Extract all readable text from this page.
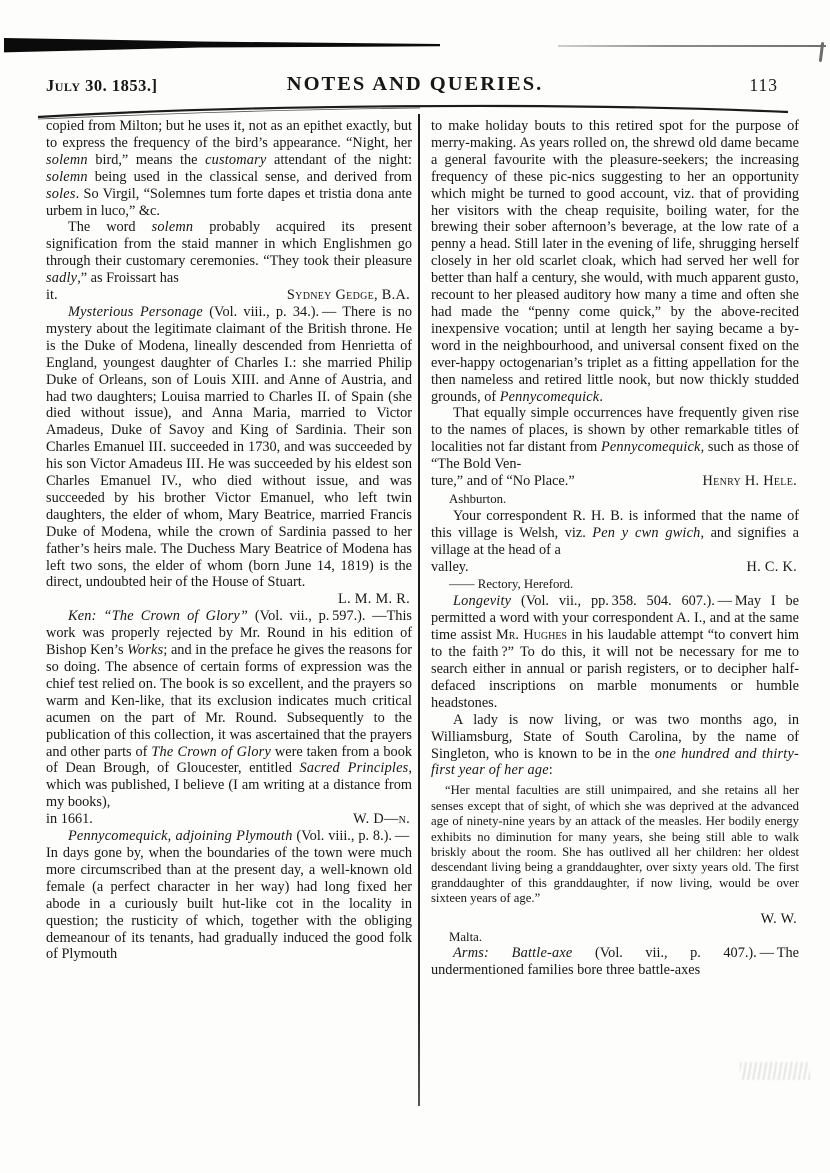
July 30. 1853.]	NOTES AND QUERIES.	113

copied from Milton; but he uses it, not as an epithet exactly, but to express the frequency of the bird’s appearance. “Night, her solemn bird,” means the customary attendant of the night: solemn being used in the classical sense, and derived from soles. So Virgil, “Solemnes tum forte dapes et tristia dona ante urbem in luco,” &c.

The word solemn probably acquired its present signification from the staid manner in which Englishmen go through their customary ceremonies. “They took their pleasure sadly,” as Froissart has

it.	Sydney Gedge, B.A.

Mysterious Personage (Vol. viii., p. 34.). — There is no mystery about the legitimate claimant of the British throne. He is the Duke of Modena, lineally descended from Henrietta of England, youngest daughter of Charles I.: she married Philip Duke of Orleans, son of Louis XIII. and Anne of Austria, and had two daughters; Louisa married to Charles II. of Spain (she died without issue), and Anna Maria, married to Victor Amadeus, Duke of Savoy and King of Sardinia. Their son Charles Emanuel III. succeeded in 1730, and was succeeded by his son Victor Amadeus III. He was succeeded by his eldest son Charles Emanuel IV., who died without issue, and was succeeded by his brother Victor Emanuel, who left twin daughters, the elder of whom, Mary Beatrice, married Francis Duke of Modena, while the crown of Sardinia passed to her father’s heirs male. The Duchess Mary Beatrice of Modena has left two sons, the elder of whom (born June 14, 1819) is the direct, undoubted heir of the House of Stuart.

L. M. M. R.

Ken: “The Crown of Glory” (Vol. vii., p. 597.). —This work was properly rejected by Mr. Round in his edition of Bishop Ken’s Works; and in the preface he gives the reasons for so doing. The absence of certain forms of expression was the chief test relied on. The book is so excellent, and the prayers so warm and Ken-like, that its exclusion indicates much critical acumen on the part of Mr. Round. Subsequently to the publication of this collection, it was ascertained that the prayers and other parts of The Crown of Glory were taken from a book of Dean Brough, of Gloucester, entitled Sacred Principles, which was published, I believe (I am writing at a distance from my books),

in 1661.	W. D—n.

Pennycomequick, adjoining Plymouth (Vol. viii., p. 8.). — In days gone by, when the boundaries of the town were much more circumscribed than at the present day, a well-known old female (a perfect character in her way) had long fixed her abode in a curiously built hut-like cot in the locality in question; the rusticity of which, together with the obliging demeanour of its tenants, had gradually induced the good folk of Plymouth

to make holiday bouts to this retired spot for the purpose of merry-making. As years rolled on, the shrewd old dame became a general favourite with the pleasure-seekers; the increasing frequency of these pic-nics suggesting to her an opportunity which might be turned to good account, viz. that of providing her visitors with the cheap requisite, boiling water, for the brewing their sober afternoon’s beverage, at the low rate of a penny a head. Still later in the evening of life, shrugging herself closely in her old scarlet cloak, which had served her well for better than half a century, she would, with much apparent gusto, recount to her pleased auditory how many a time and often she had made the “penny come quick,” by the above-recited inexpensive vocation; until at length her saying became a by-word in the neighbourhood, and universal consent fixed on the ever-happy octogenarian’s triplet as a fitting appellation for the then nameless and retired little nook, but now thickly studded grounds, of Pennycomequick.

That equally simple occurrences have frequently given rise to the names of places, is shown by other remarkable titles of localities not far distant from Pennycomequick, such as those of “The Bold Ven-

ture,” and of “No Place.”	Henry H. Hele.
Ashburton.

Your correspondent R. H. B. is informed that the name of this village is Welsh, viz. Pen y cwn gwich, and signifies a village at the head of a

valley.	H. C. K.
—— Rectory, Hereford.

Longevity (Vol. vii., pp. 358. 504. 607.). — May I be permitted a word with your correspondent A. I., and at the same time assist Mr. Hughes in his laudable attempt “to convert him to the faith ?” To do this, it will not be necessary for me to search either in annual or parish registers, or to decipher half-defaced inscriptions on marble monuments or humble headstones.

A lady is now living, or was two months ago, in Williamsburg, State of South Carolina, by the name of Singleton, who is known to be in the one hundred and thirty-first year of her age:

“Her mental faculties are still unimpaired, and she retains all her senses except that of sight, of which she was deprived at the advanced age of ninety-nine years by an attack of the measles. Her bodily energy exhibits no diminution for many years, she being still able to walk briskly about the room. She has outlived all her children: her oldest descendant living being a granddaughter, over sixty years old. The first granddaughter of this granddaughter, if now living, would be over sixteen years of age.”

W. W.
Malta.

Arms: Battle-axe (Vol. vii., p. 407.). — The undermentioned families bore three battle-axes
